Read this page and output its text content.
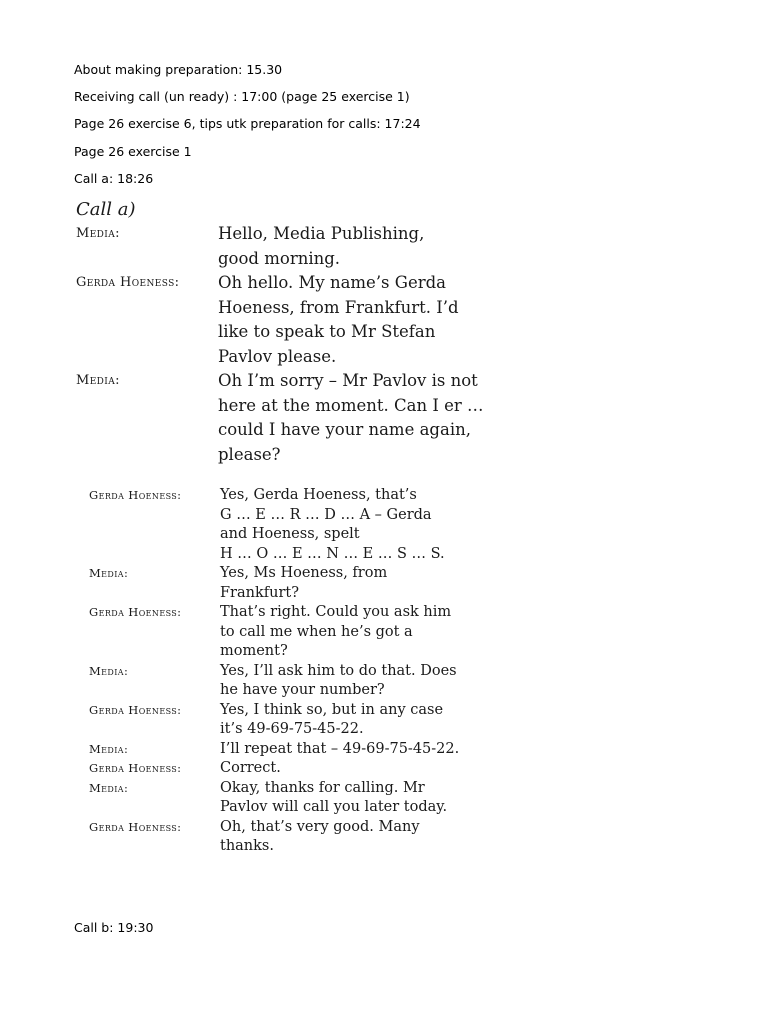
About making preparation: 15.30
Receiving call (un ready) : 17:00 (page 25 exercise 1)
Page 26 exercise 6, tips utk preparation for calls: 17:24
Page 26 exercise 1
Call a: 18:26
Call a)
Media:	Hello, Media Publishing,
good morning.
Gerda Hoeness:	Oh hello. My name’s Gerda
Hoeness, from Frankfurt. I’d
like to speak to Mr Stefan
Pavlov please.
Media:	Oh I’m sorry – Mr Pavlov is not
here at the moment. Can I er …
could I have your name again,
please?
Gerda Hoeness:	Yes, Gerda Hoeness, that’s
G … E … R … D … A – Gerda
and Hoeness, spelt
H … O … E … N … E … S … S.
Media:	Yes, Ms Hoeness, from
Frankfurt?
Gerda Hoeness:	That’s right. Could you ask him
to call me when he’s got a
moment?
Media:	Yes, I’ll ask him to do that. Does
he have your number?
Gerda Hoeness:	Yes, I think so, but in any case
it’s 49-69-75-45-22.
Media:	I’ll repeat that – 49-69-75-45-22.
Gerda Hoeness:	Correct.
Media:	Okay, thanks for calling. Mr
Pavlov will call you later today.
Gerda Hoeness:	Oh, that’s very good. Many
thanks.
Call b: 19:30
